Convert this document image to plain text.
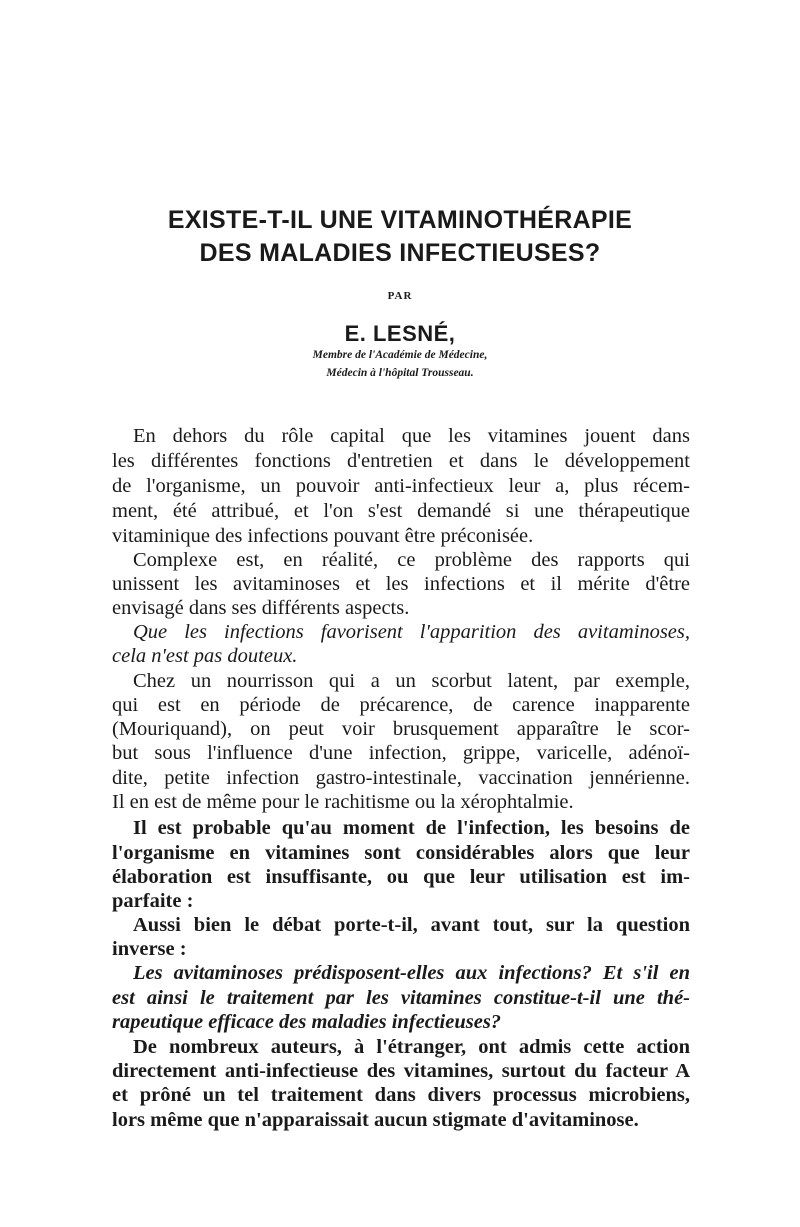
EXISTE-T-IL UNE VITAMINOTHÉRAPIE
DES MALADIES INFECTIEUSES?
PAR
E. LESNÉ,
Membre de l'Académie de Médecine,
Médecin à l'hôpital Trousseau.
En dehors du rôle capital que les vitamines jouent dans
les différentes fonctions d'entretien et dans le développement
de l'organisme, un pouvoir anti-infectieux leur a, plus récem-
ment, été attribué, et l'on s'est demandé si une thérapeutique
vitaminique des infections pouvant être préconisée.
Complexe est, en réalité, ce problème des rapports qui
unissent les avitaminoses et les infections et il mérite d'être
envisagé dans ses différents aspects.
Que les infections favorisent l'apparition des avitaminoses,
cela n'est pas douteux.
Chez un nourrisson qui a un scorbut latent, par exemple,
qui est en période de précarence, de carence inapparente
(Mouriquand), on peut voir brusquement apparaître le scor-
but sous l'influence d'une infection, grippe, varicelle, adénoï-
dite, petite infection gastro-intestinale, vaccination jennérienne.
Il en est de même pour le rachitisme ou la xérophtalmie.
Il est probable qu'au moment de l'infection, les besoins de
l'organisme en vitamines sont considérables alors que leur
élaboration est insuffisante, ou que leur utilisation est im-
parfaite :
Aussi bien le débat porte-t-il, avant tout, sur la question
inverse :
Les avitaminoses prédisposent-elles aux infections? Et s'il en
est ainsi le traitement par les vitamines constitue-t-il une thé-
rapeutique efficace des maladies infectieuses?
De nombreux auteurs, à l'étranger, ont admis cette action
directement anti-infectieuse des vitamines, surtout du facteur A
et prôné un tel traitement dans divers processus microbiens,
lors même que n'apparaissait aucun stigmate d'avitaminose.
